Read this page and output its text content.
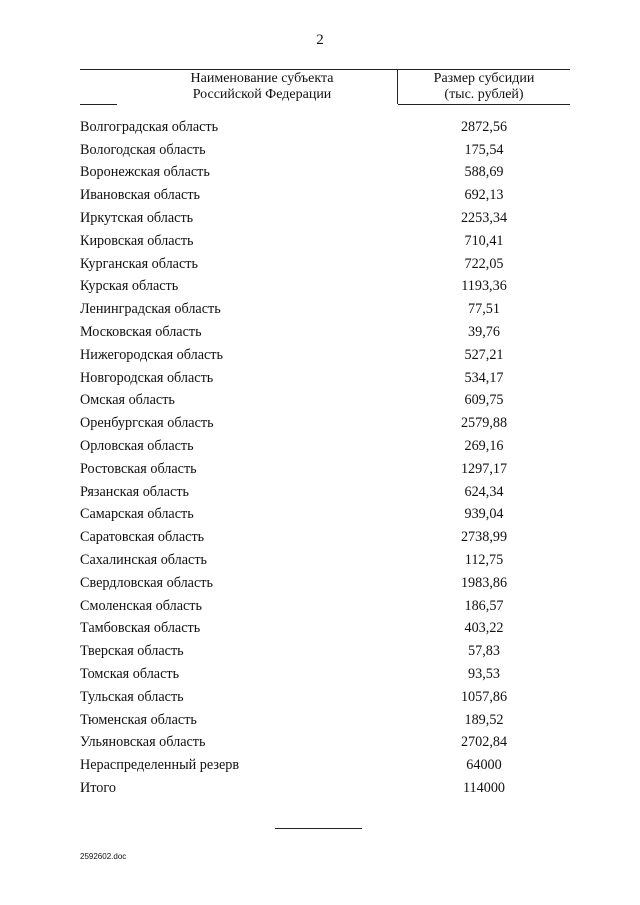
2
Наименование субъекта
Российской Федерации
Размер субсидии
(тыс. рублей)
Волгоградская область	2872,56
Вологодская область	175,54
Воронежская область	588,69
Ивановская область	692,13
Иркутская область	2253,34
Кировская область	710,41
Курганская область	722,05
Курская область	1193,36
Ленинградская область	77,51
Московская область	39,76
Нижегородская область	527,21
Новгородская область	534,17
Омская область	609,75
Оренбургская область	2579,88
Орловская область	269,16
Ростовская область	1297,17
Рязанская область	624,34
Самарская область	939,04
Саратовская область	2738,99
Сахалинская область	112,75
Свердловская область	1983,86
Смоленская область	186,57
Тамбовская область	403,22
Тверская область	57,83
Томская область	93,53
Тульская область	1057,86
Тюменская область	189,52
Ульяновская область	2702,84
Нераспределенный резерв	64000
Итого	114000
2592602.doc
